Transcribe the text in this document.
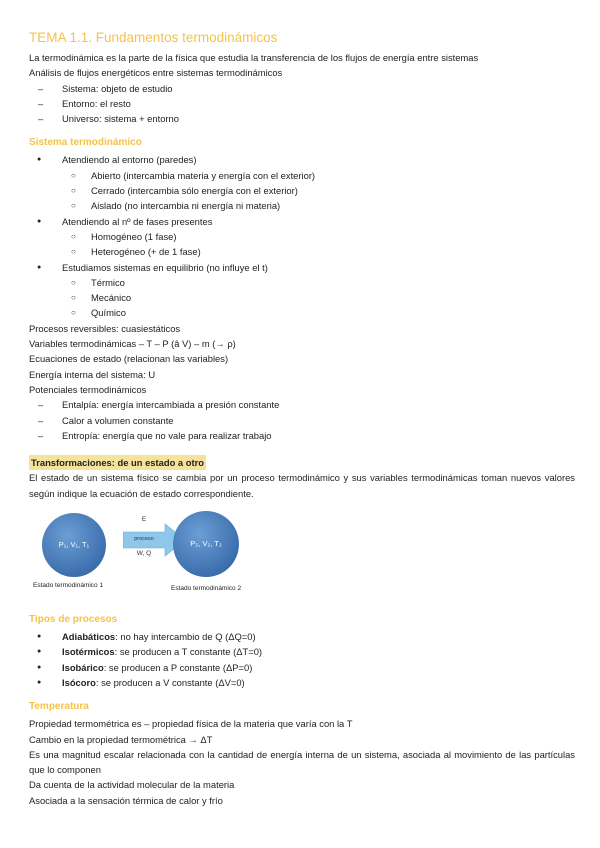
TEMA 1.1. Fundamentos termodinámicos

La termodinámica es la parte de la física que estudia la transferencia de los flujos de energía entre sistemas

Análisis de flujos energéticos entre sistemas termodinámicos

– Sistema: objeto de estudio
– Entorno: el resto
– Universo: sistema + entorno
Sistema termodinámico
● Atendiendo al entorno (paredes)
○ Abierto (intercambia materia y energía con el exterior)
○ Cerrado (intercambia sólo energía con el exterior)
○ Aislado (no intercambia ni energía ni materia)
● Atendiendo al nº de fases presentes
○ Homogéneo (1 fase)
○ Heterogéneo (+ de 1 fase)
● Estudiamos sistemas en equilibrio (no influye el t)
○ Térmico
○ Mecánico
○ Químico

Procesos reversibles: cuasiestáticos

Variables termodinámicas – T – P (â V) – m (→ ρ)

Ecuaciones de estado (relacionan las variables)

Energía interna del sistema: U

Potenciales termodinámicos

– Entalpía: energía intercambiada a presión constante
– Calor a volumen constante
– Entropía: energía que no vale para realizar trabajo
Transformaciones: de un estado a otro

El estado de un sistema físico se cambia por un proceso termodinámico y sus variables termodinámicas toman nuevos valores según indique la ecuación de estado correspondiente.

P₁, V₁, T₁
Estado termodinámico 1
E
proceso
W, Q
P₂, V₂, T₂
Estado termodinámico 2
Tipos de procesos
● Adiabáticos: no hay intercambio de Q (ΔQ=0)
● Isotérmicos: se producen a T constante (ΔT=0)
● Isobárico: se producen a P constante (ΔP=0)
● Isócoro: se producen a V constante (ΔV=0)
Temperatura

Propiedad termométrica es – propiedad física de la materia que varía con la T

Cambio en la propiedad termométrica → ΔT

Es una magnitud escalar relacionada con la cantidad de energía interna de un sistema, asociada al movimiento de las partículas que lo componen

Da cuenta de la actividad molecular de la materia

Asociada a la sensación térmica de calor y frío
